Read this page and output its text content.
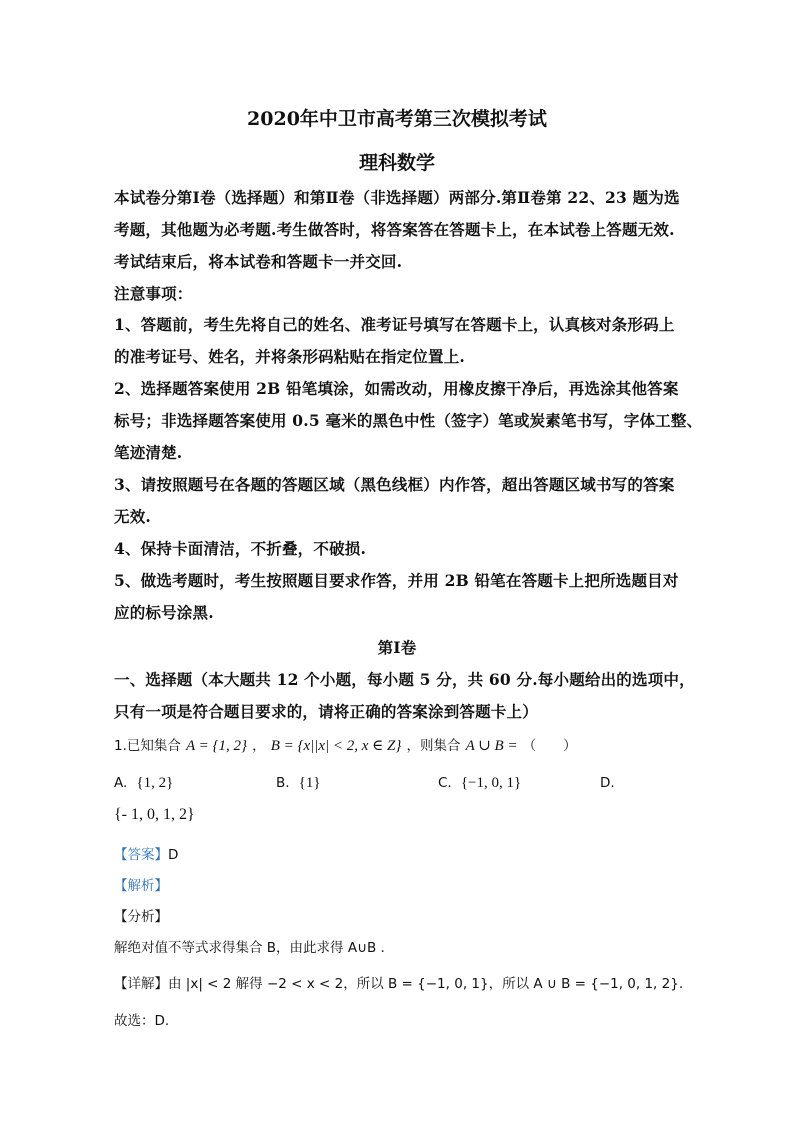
2020年中卫市高考第三次模拟考试
理科数学
本试卷分第Ⅰ卷（选择题）和第Ⅱ卷（非选择题）两部分.第Ⅱ卷第 22、23 题为选
考题，其他题为必考题.考生做答时，将答案答在答题卡上，在本试卷上答题无效.
考试结束后，将本试卷和答题卡一并交回.
注意事项：
1、答题前，考生先将自己的姓名、准考证号填写在答题卡上，认真核对条形码上
的准考证号、姓名，并将条形码粘贴在指定位置上.
2、选择题答案使用 2B 铅笔填涂，如需改动，用橡皮擦干净后，再选涂其他答案
标号；非选择题答案使用 0.5 毫米的黑色中性（签字）笔或炭素笔书写，字体工整、
笔迹清楚.
3、请按照题号在各题的答题区域（黑色线框）内作答，超出答题区域书写的答案
无效.
4、保持卡面清洁，不折叠，不破损.
5、做选考题时，考生按照题目要求作答，并用 2B 铅笔在答题卡上把所选题目对
应的标号涂黑.
第Ⅰ卷
一、选择题（本大题共 12 个小题，每小题 5 分，共 60 分.每小题给出的选项中，
只有一项是符合题目要求的，请将正确的答案涂到答题卡上）
1.已知集合 A = {1, 2} ， B = {x||x| < 2, x ∈ Z} ，则集合 A ∪ B = （　　）
A. {1, 2}	B. {1}	C. {−1, 0, 1}	D.
{- 1, 0, 1, 2}
【答案】D
【解析】
【分析】
解绝对值不等式求得集合 B，由此求得 A∪B .
【详解】由 |x| < 2 解得 −2 < x < 2，所以 B = {−1, 0, 1}，所以 A ∪ B = {−1, 0, 1, 2}.
故选：D.
